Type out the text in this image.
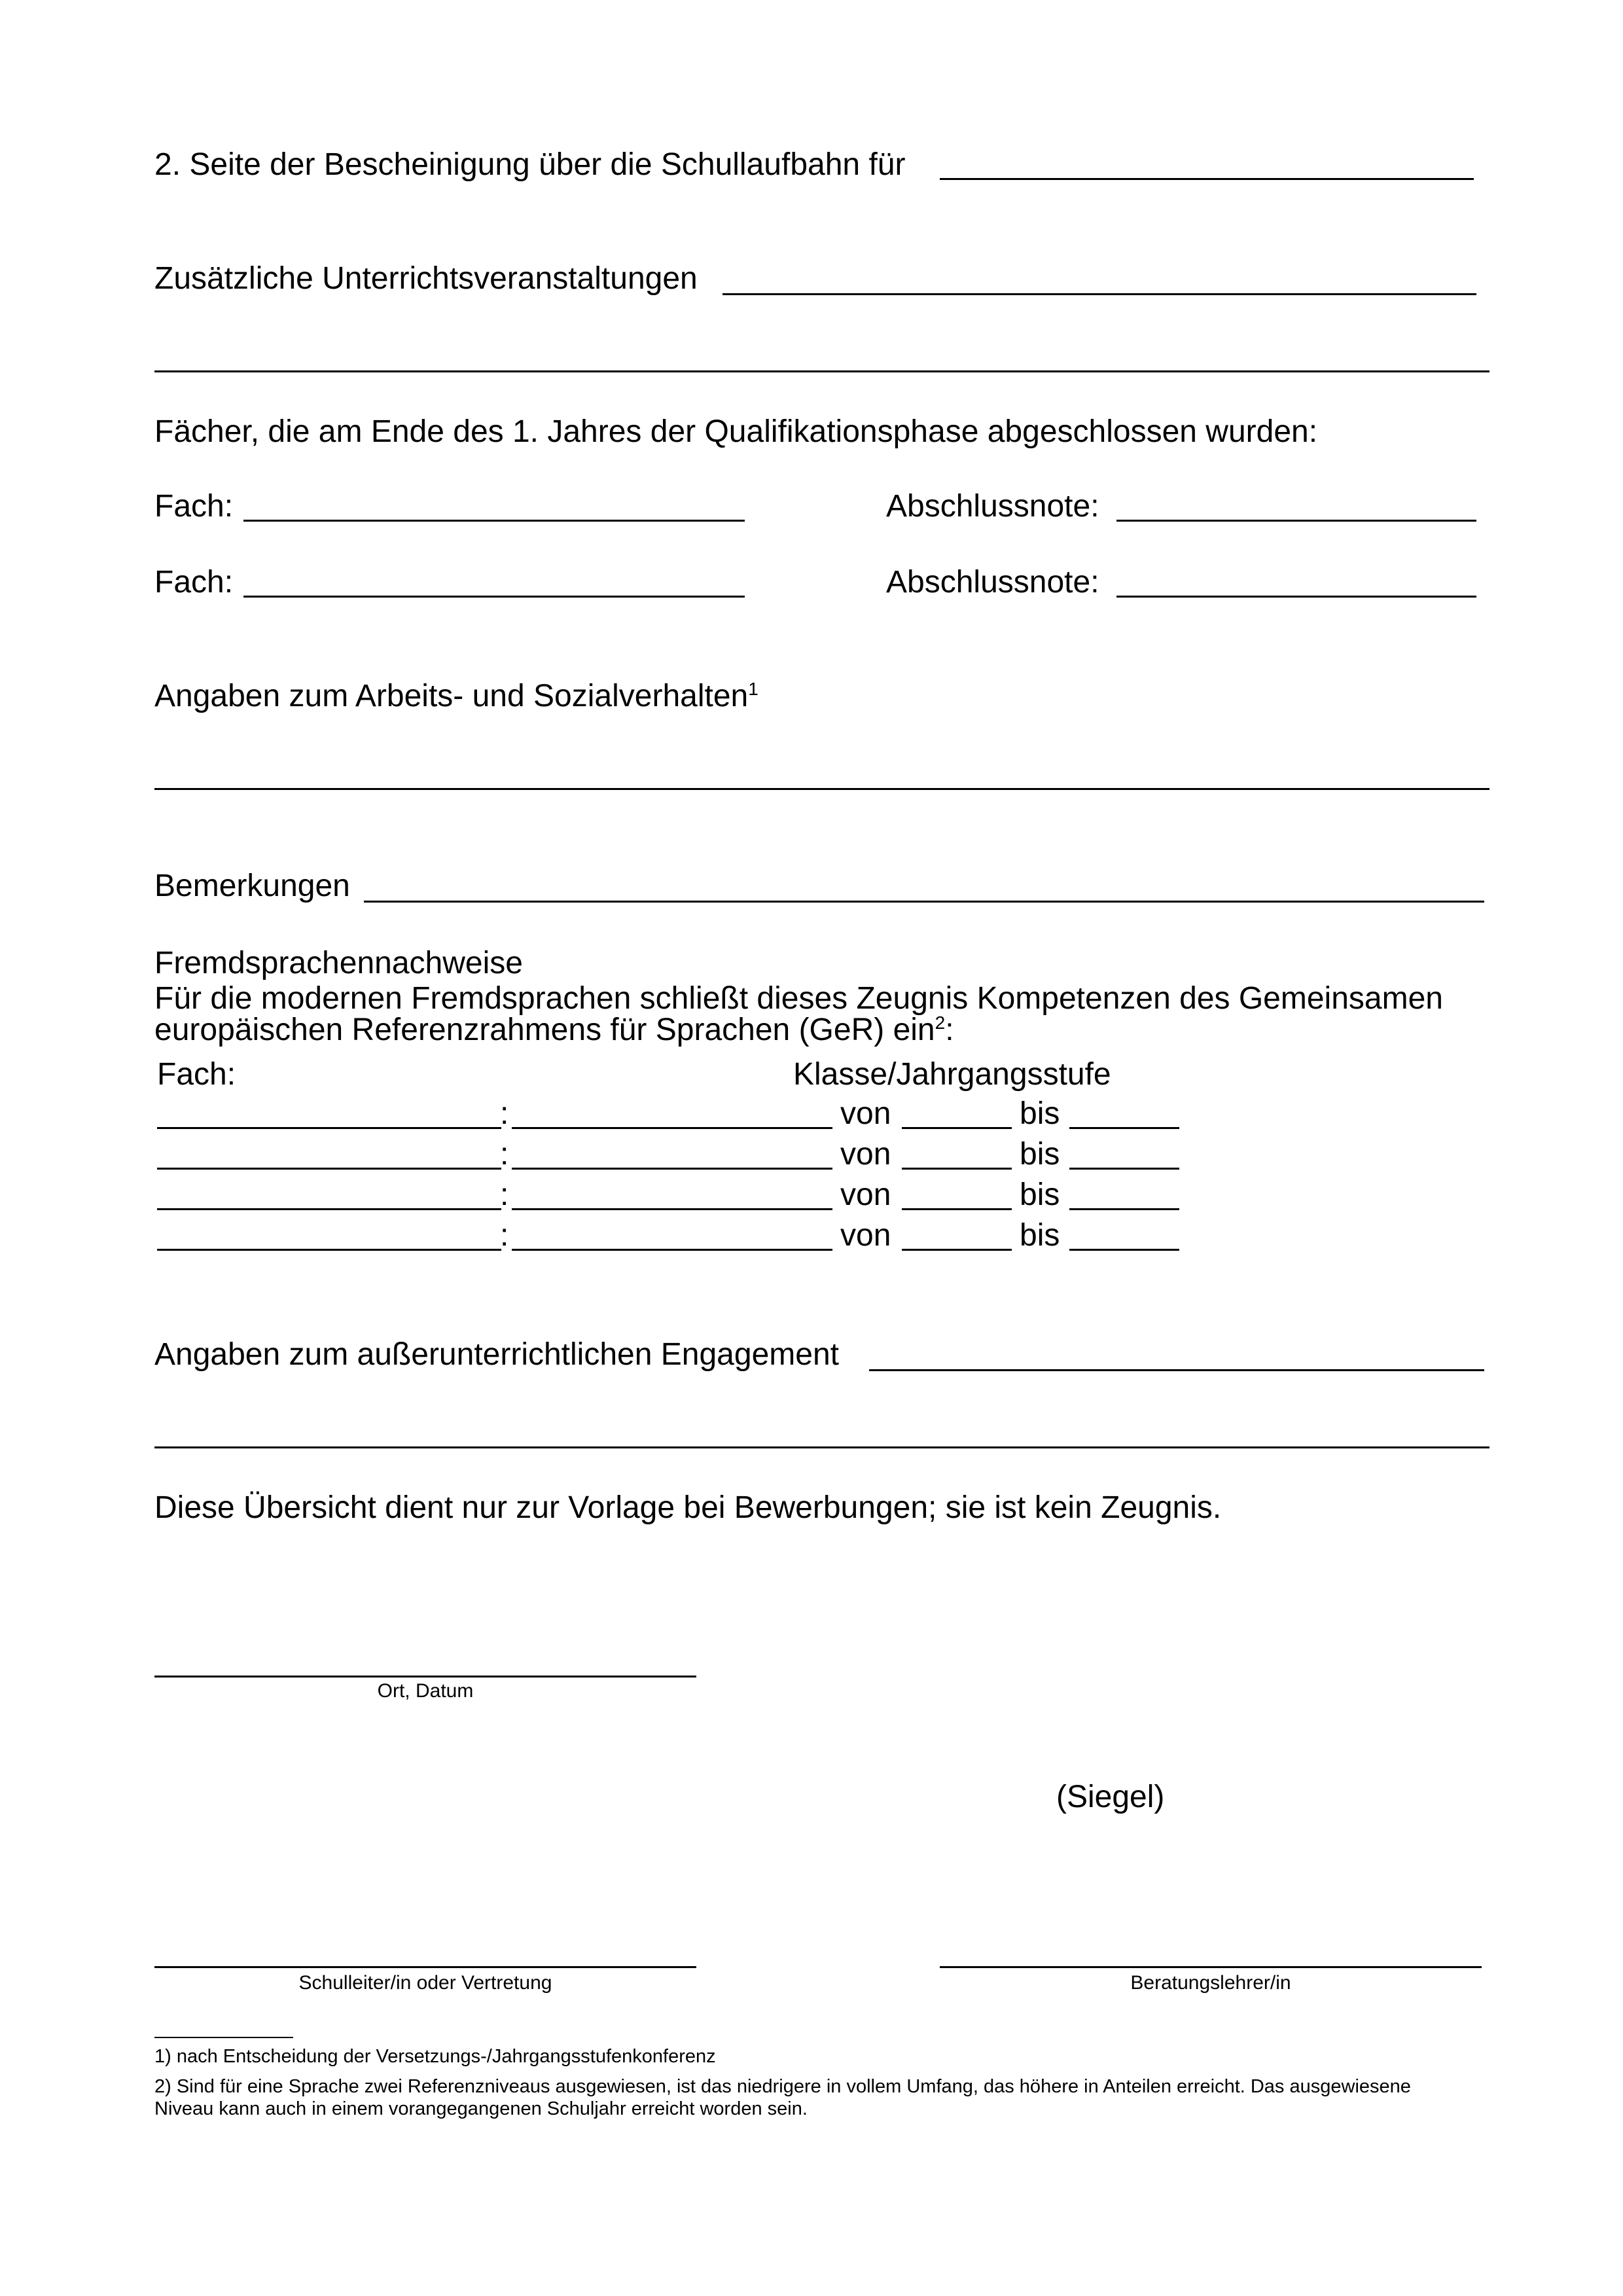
2. Seite der Bescheinigung über die Schullaufbahn für
Zusätzliche Unterrichtsveranstaltungen
Fächer, die am Ende des 1. Jahres der Qualifikationsphase abgeschlossen wurden:
Fach:	Abschlussnote:
Fach:	Abschlussnote:
Angaben zum Arbeits- und Sozialverhalten$^1$
Bemerkungen
Fremdsprachennachweise
Für die modernen Fremdsprachen schließt dieses Zeugnis Kompetenzen des Gemeinsamen
europäischen Referenzrahmens für Sprachen (GeR) ein$^2$:
Fach:	Klasse/Jahrgangsstufe
:	von	bis
:	von	bis
:	von	bis
:	von	bis
Angaben zum außerunterrichtlichen Engagement
Diese Übersicht dient nur zur Vorlage bei Bewerbungen; sie ist kein Zeugnis.
Ort, Datum
(Siegel)
Schulleiter/in oder Vertretung	Beratungslehrer/in
1) nach Entscheidung der Versetzungs-/Jahrgangsstufenkonferenz
2) Sind für eine Sprache zwei Referenzniveaus ausgewiesen, ist das niedrigere in vollem Umfang, das höhere in Anteilen erreicht. Das ausgewiesene
Niveau kann auch in einem vorangegangenen Schuljahr erreicht worden sein.
